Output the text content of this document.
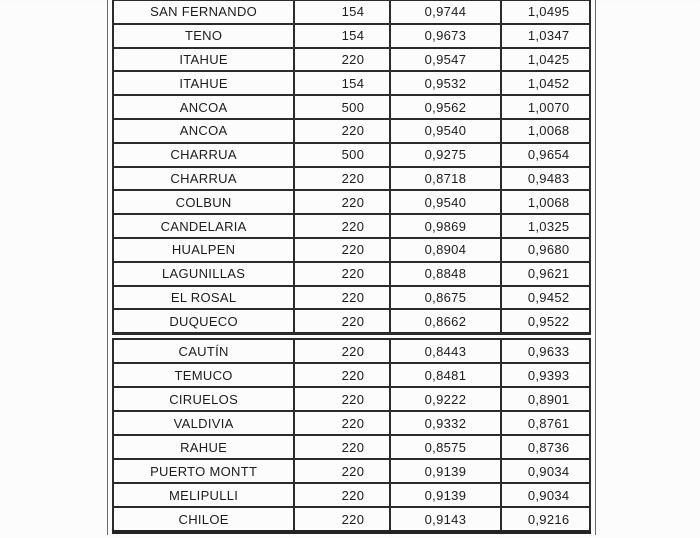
SAN FERNANDO	154	0,9744	1,0495
TENO	154	0,9673	1,0347
ITAHUE	220	0,9547	1,0425
ITAHUE	154	0,9532	1,0452
ANCOA	500	0,9562	1,0070
ANCOA	220	0,9540	1,0068
CHARRUA	500	0,9275	0,9654
CHARRUA	220	0,8718	0,9483
COLBUN	220	0,9540	1,0068
CANDELARIA	220	0,9869	1,0325
HUALPEN	220	0,8904	0,9680
LAGUNILLAS	220	0,8848	0,9621
EL ROSAL	220	0,8675	0,9452
DUQUECO	220	0,8662	0,9522
CAUTÍN	220	0,8443	0,9633
TEMUCO	220	0,8481	0,9393
CIRUELOS	220	0,9222	0,8901
VALDIVIA	220	0,9332	0,8761
RAHUE	220	0,8575	0,8736
PUERTO MONTT	220	0,9139	0,9034
MELIPULLI	220	0,9139	0,9034
CHILOE	220	0,9143	0,9216
